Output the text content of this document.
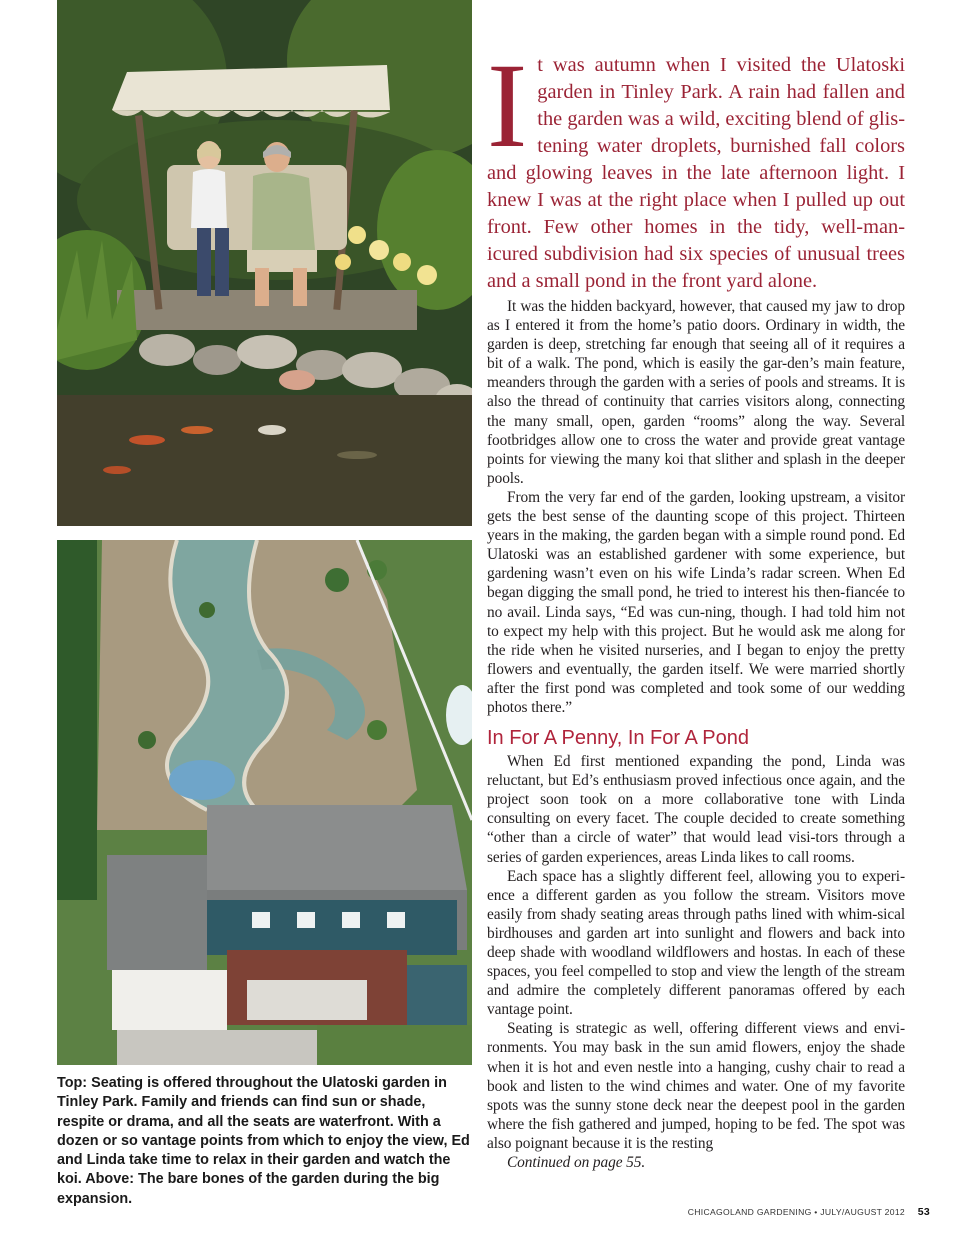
Top: Seating is offered throughout the Ulatoski garden in Tinley Park. Family and friends can find sun or shade, respite or drama, and all the seats are waterfront. With a dozen or so vantage points from which to enjoy the view, Ed and Linda take time to relax in their garden and watch the koi. Above: The bare bones of the garden during the big expansion.

It was autumn when I visited the Ulatoski garden in Tinley Park. A rain had fallen and the garden was a wild, exciting blend of glis-tening water droplets, burnished fall colors and glowing leaves in the late afternoon light. I knew I was at the right place when I pulled up out front. Few other homes in the tidy, well-man-icured subdivision had six species of unusual trees and a small pond in the front yard alone.

It was the hidden backyard, however, that caused my jaw to drop as I entered it from the home’s patio doors. Ordinary in width, the garden is deep, stretching far enough that seeing all of it requires a bit of a walk. The pond, which is easily the gar-den’s main feature, meanders through the garden with a series of pools and streams. It is also the thread of continuity that carries visitors along, connecting the many small, open, garden “rooms” along the way. Several footbridges allow one to cross the water and provide great vantage points for viewing the many koi that slither and splash in the deeper pools.

From the very far end of the garden, looking upstream, a visitor gets the best sense of the daunting scope of this project. Thirteen years in the making, the garden began with a simple round pond. Ed Ulatoski was an established gardener with some experience, but gardening wasn’t even on his wife Linda’s radar screen. When Ed began digging the small pond, he tried to interest his then-fiancée to no avail. Linda says, “Ed was cun-ning, though. I had told him not to expect my help with this project. But he would ask me along for the ride when he visited nurseries, and I began to enjoy the pretty flowers and eventually, the garden itself. We were married shortly after the first pond was completed and took some of our wedding photos there.”

In For A Penny, In For A Pond

When Ed first mentioned expanding the pond, Linda was reluctant, but Ed’s enthusiasm proved infectious once again, and the project soon took on a more collaborative tone with Linda consulting on every facet. The couple decided to create something “other than a circle of water” that would lead visi-tors through a series of garden experiences, areas Linda likes to call rooms.

Each space has a slightly different feel, allowing you to experi-ence a different garden as you follow the stream. Visitors move easily from shady seating areas through paths lined with whim-sical birdhouses and garden art into sunlight and flowers and back into deep shade with woodland wildflowers and hostas. In each of these spaces, you feel compelled to stop and view the length of the stream and admire the completely different panoramas offered by each vantage point.

Seating is strategic as well, offering different views and envi-ronments. You may bask in the sun amid flowers, enjoy the shade when it is hot and even nestle into a hanging, cushy chair to read a book and listen to the wind chimes and water. One of my favorite spots was the sunny stone deck near the deepest pool in the garden where the fish gathered and jumped, hoping to be fed. The spot was also poignant because it is the resting

Continued on page 55.

CHICAGOLAND GARDENING • JULY/AUGUST 2012 53
